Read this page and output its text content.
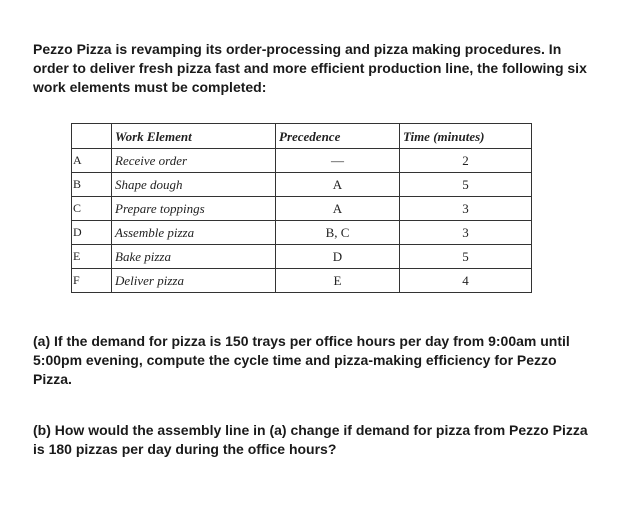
Pezzo Pizza is revamping its order-processing and pizza making procedures. In order to deliver fresh pizza fast and more efficient production line, the following six work elements must be completed:

	Work Element	Precedence	Time (minutes)
A	Receive order	—	2
B	Shape dough	A	5
C	Prepare toppings	A	3
D	Assemble pizza	B, C	3
E	Bake pizza	D	5
F	Deliver pizza	E	4

(a) If the demand for pizza is 150 trays per office hours per day from 9:00am until 5:00pm evening, compute the cycle time and pizza-making efficiency for Pezzo Pizza.

(b) How would the assembly line in (a) change if demand for pizza from Pezzo Pizza is 180 pizzas per day during the office hours?
